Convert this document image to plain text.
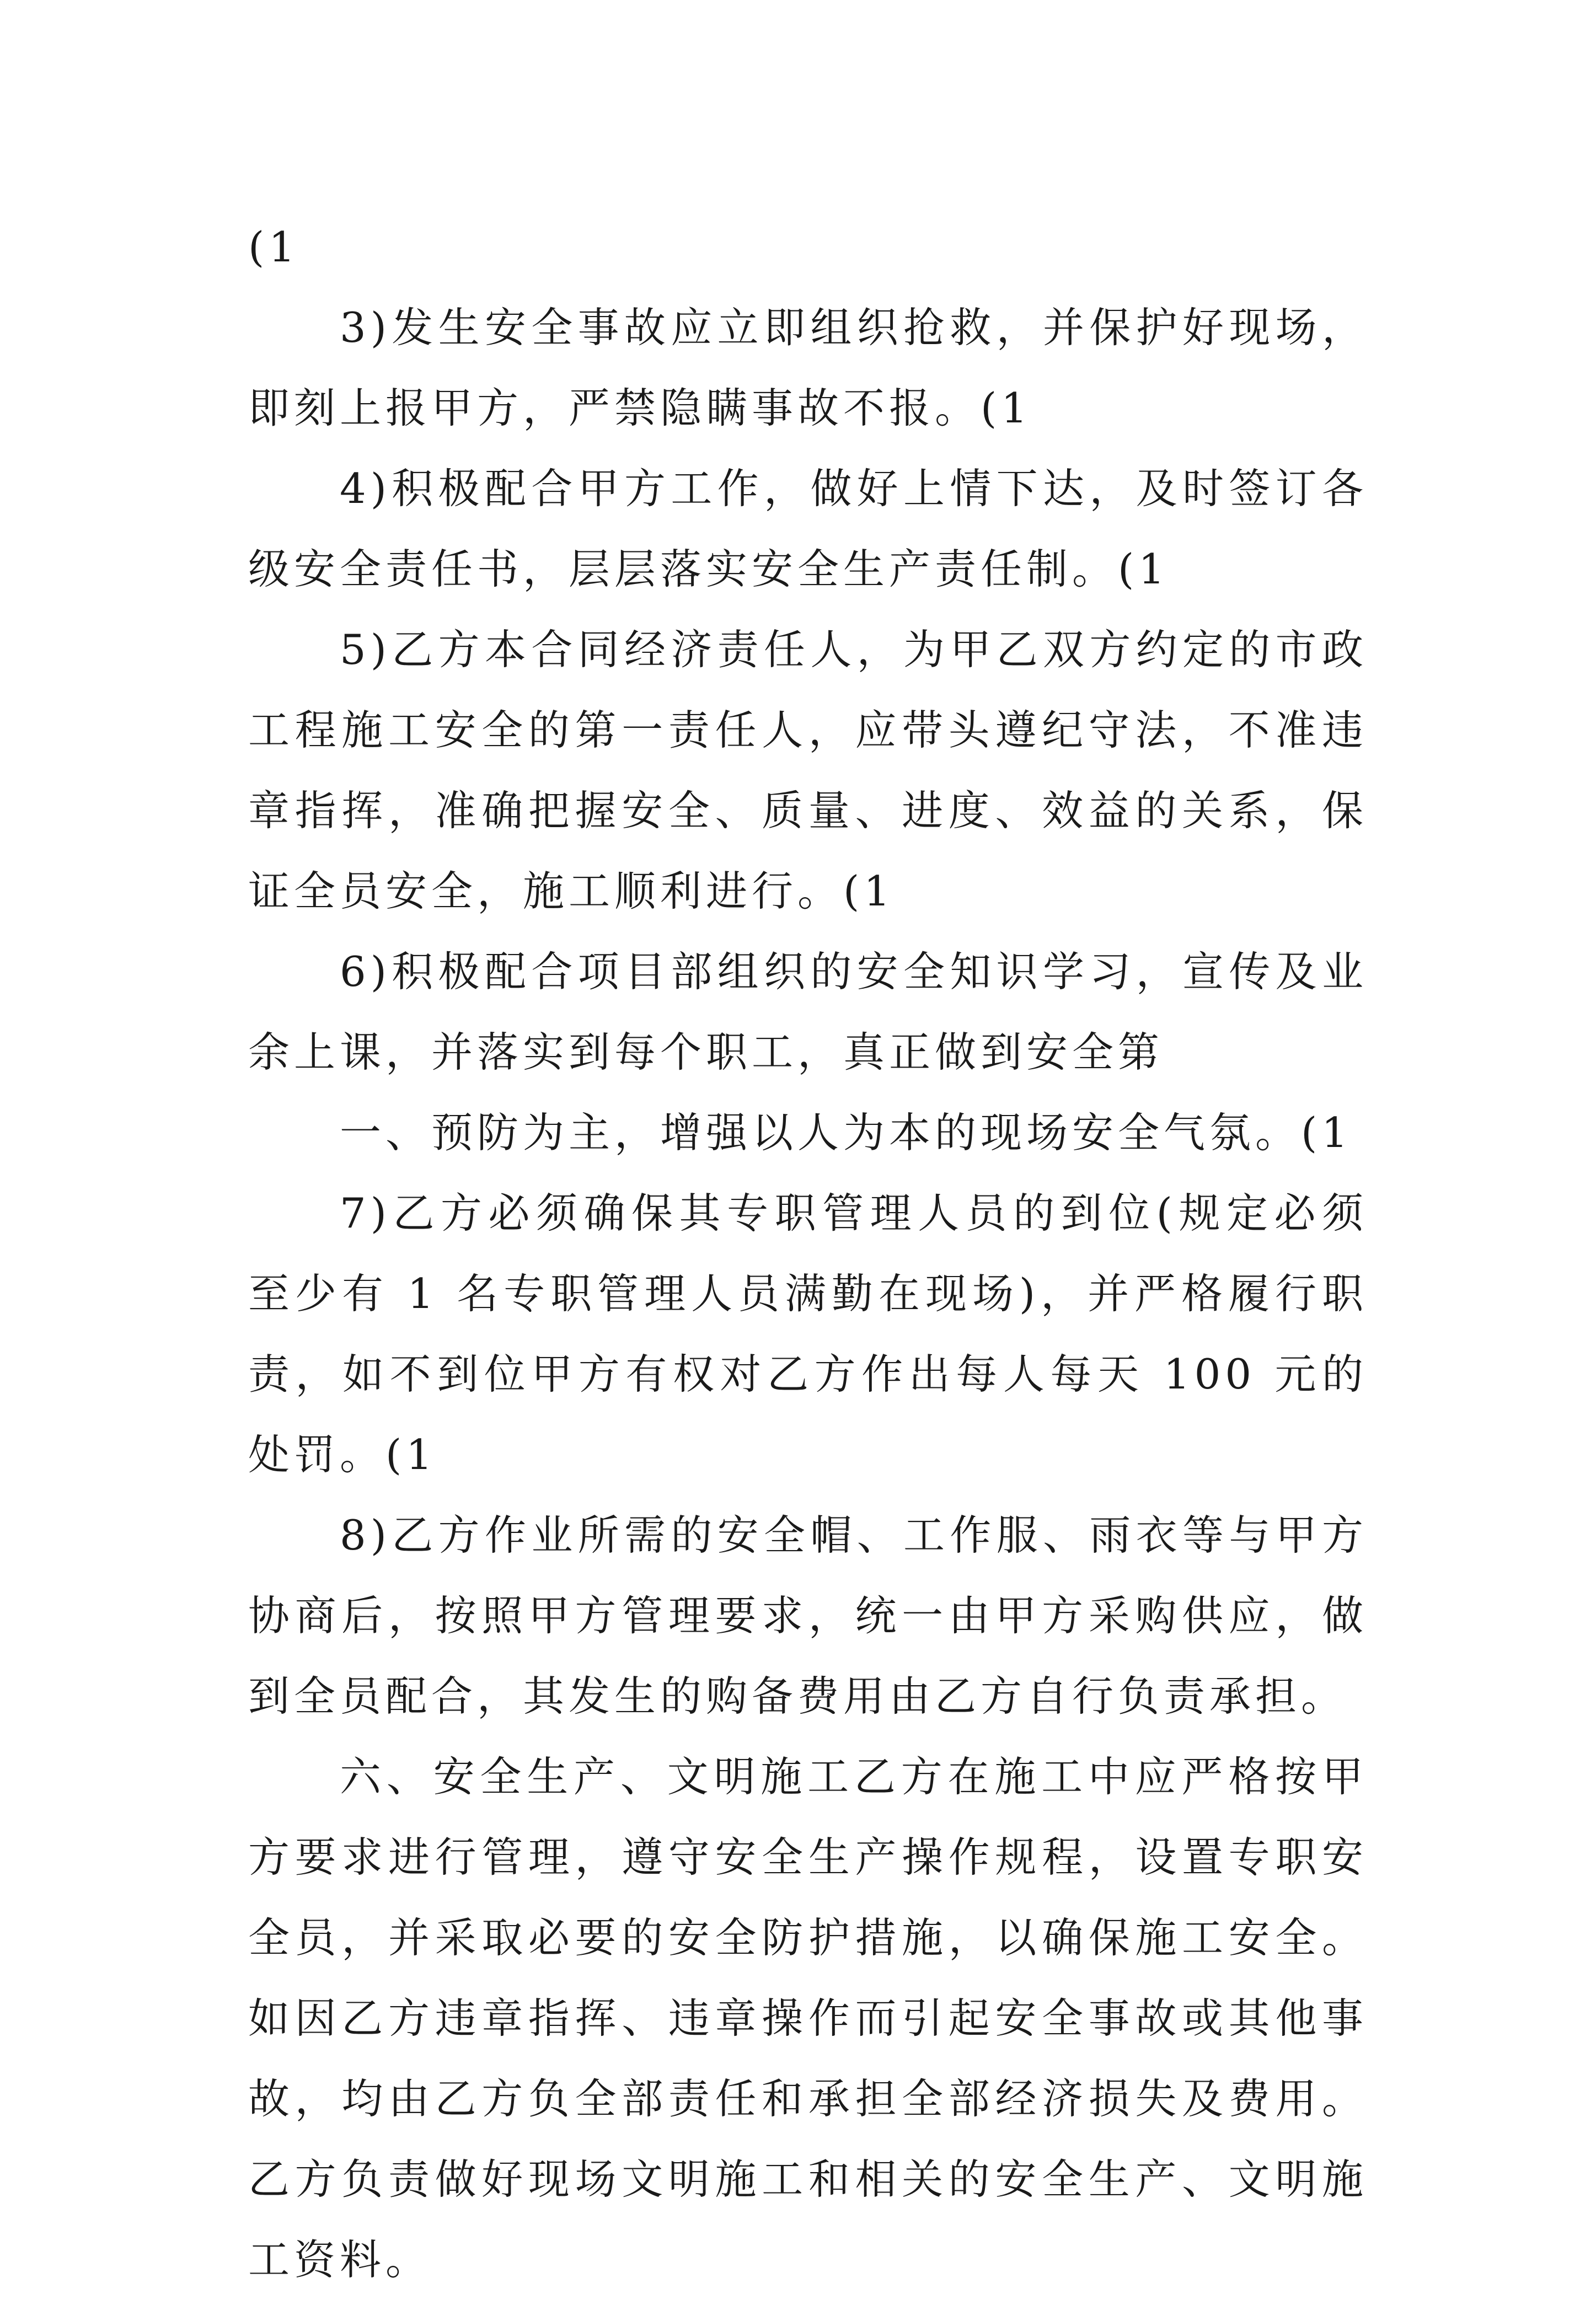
(1

3)发生安全事故应立即组织抢救，并保护好现场，即刻上报甲方，严禁隐瞒事故不报。(1

4)积极配合甲方工作，做好上情下达，及时签订各级安全责任书，层层落实安全生产责任制。(1

5)乙方本合同经济责任人，为甲乙双方约定的市政工程施工安全的第一责任人，应带头遵纪守法，不准违章指挥，准确把握安全、质量、进度、效益的关系，保证全员安全，施工顺利进行。(1

6)积极配合项目部组织的安全知识学习，宣传及业余上课，并落实到每个职工，真正做到安全第

一、预防为主，增强以人为本的现场安全气氛。(1

7)乙方必须确保其专职管理人员的到位(规定必须至少有 1 名专职管理人员满勤在现场)，并严格履行职责，如不到位甲方有权对乙方作出每人每天 100 元的处罚。(1

8)乙方作业所需的安全帽、工作服、雨衣等与甲方协商后，按照甲方管理要求，统一由甲方采购供应，做到全员配合，其发生的购备费用由乙方自行负责承担。

六、安全生产、文明施工乙方在施工中应严格按甲方要求进行管理，遵守安全生产操作规程，设置专职安全员，并采取必要的安全防护措施，以确保施工安全。如因乙方违章指挥、违章操作而引起安全事故或其他事故，均由乙方负全部责任和承担全部经济损失及费用。乙方负责做好现场文明施工和相关的安全生产、文明施工资料。
